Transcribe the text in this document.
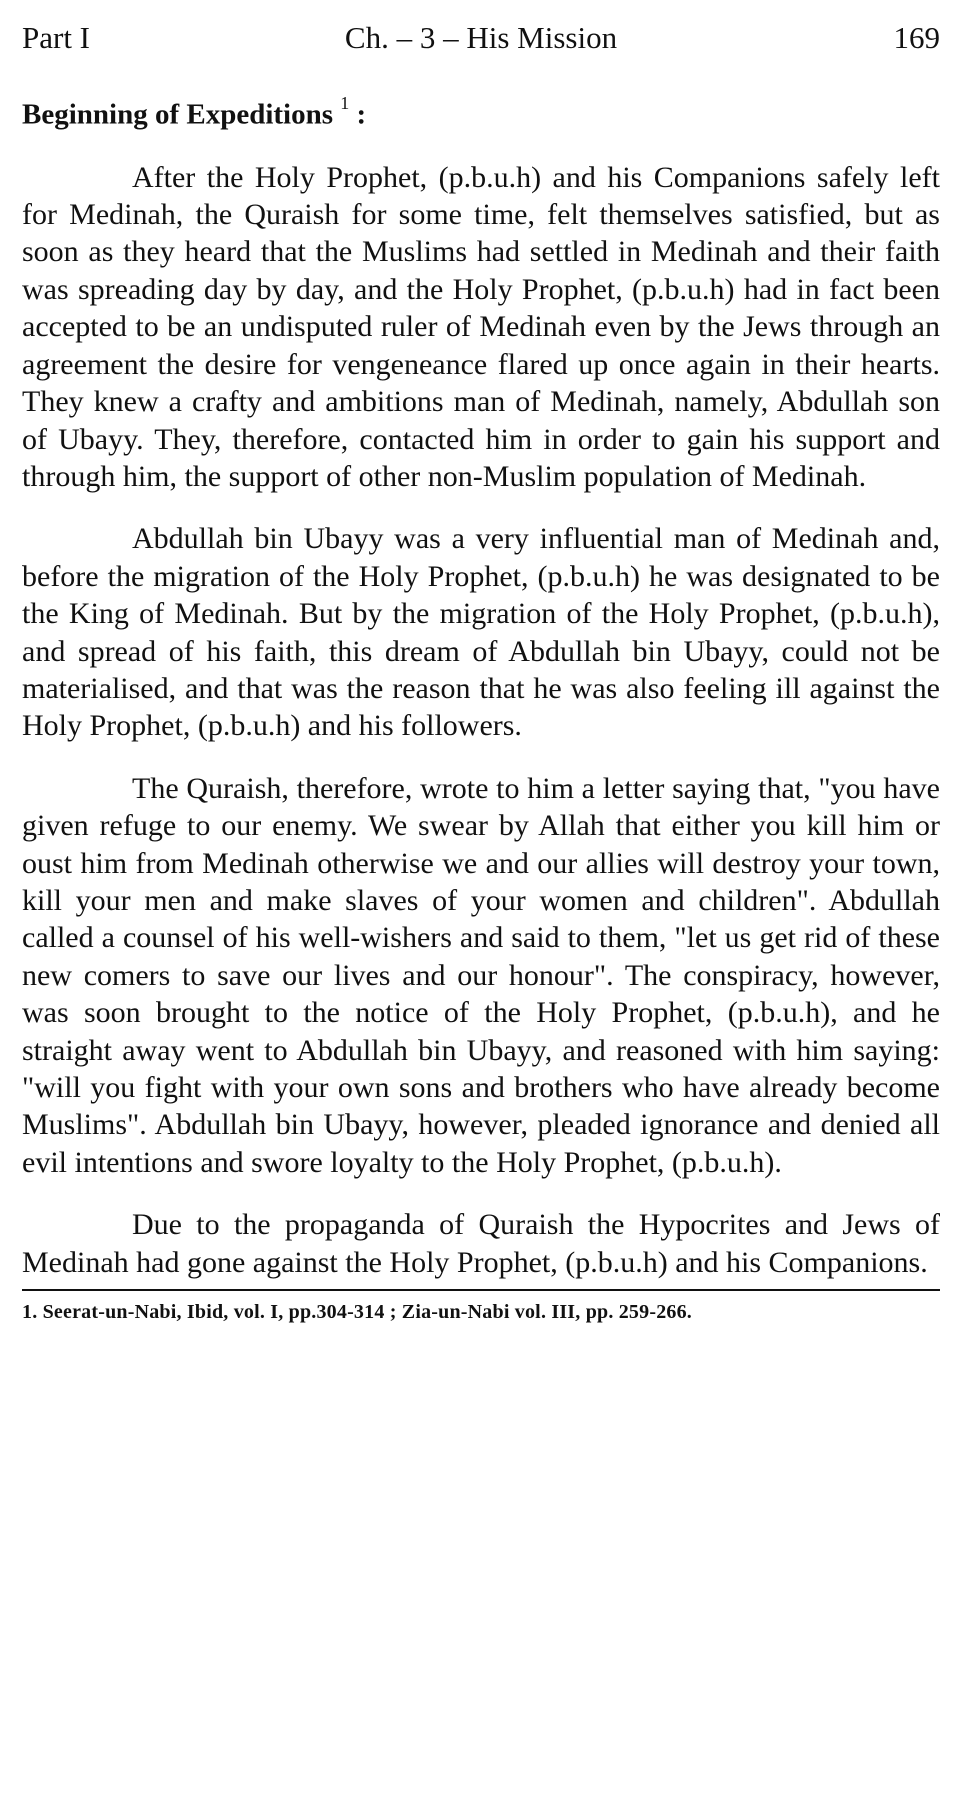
Part I	Ch. – 3 – His Mission	169
Beginning of Expeditions $^1$ :

After the Holy Prophet, (p.b.u.h) and his Companions safely left for Medinah, the Quraish for some time, felt themselves satisfied, but as soon as they heard that the Muslims had settled in Medinah and their faith was spreading day by day, and the Holy Prophet, (p.b.u.h) had in fact been accepted to be an undisputed ruler of Medinah even by the Jews through an agreement the desire for vengeneance flared up once again in their hearts. They knew a crafty and ambitions man of Medinah, namely, Abdullah son of Ubayy. They, therefore, contacted him in order to gain his support and through him, the support of other non-Muslim population of Medinah.

Abdullah bin Ubayy was a very influential man of Medinah and, before the migration of the Holy Prophet, (p.b.u.h) he was designated to be the King of Medinah. But by the migration of the Holy Prophet, (p.b.u.h), and spread of his faith, this dream of Abdullah bin Ubayy, could not be materialised, and that was the reason that he was also feeling ill against the Holy Prophet, (p.b.u.h) and his followers.

The Quraish, therefore, wrote to him a letter saying that, "you have given refuge to our enemy. We swear by Allah that either you kill him or oust him from Medinah otherwise we and our allies will destroy your town, kill your men and make slaves of your women and children". Abdullah called a counsel of his well-wishers and said to them, "let us get rid of these new comers to save our lives and our honour". The conspiracy, however, was soon brought to the notice of the Holy Prophet, (p.b.u.h), and he straight away went to Abdullah bin Ubayy, and reasoned with him saying: "will you fight with your own sons and brothers who have already become Muslims". Abdullah bin Ubayy, however, pleaded ignorance and denied all evil intentions and swore loyalty to the Holy Prophet, (p.b.u.h).

Due to the propaganda of Quraish the Hypocrites and Jews of Medinah had gone against the Holy Prophet, (p.b.u.h) and his Companions.

1. Seerat-un-Nabi, Ibid, vol. I, pp.304-314 ; Zia-un-Nabi vol. III, pp. 259-266.
